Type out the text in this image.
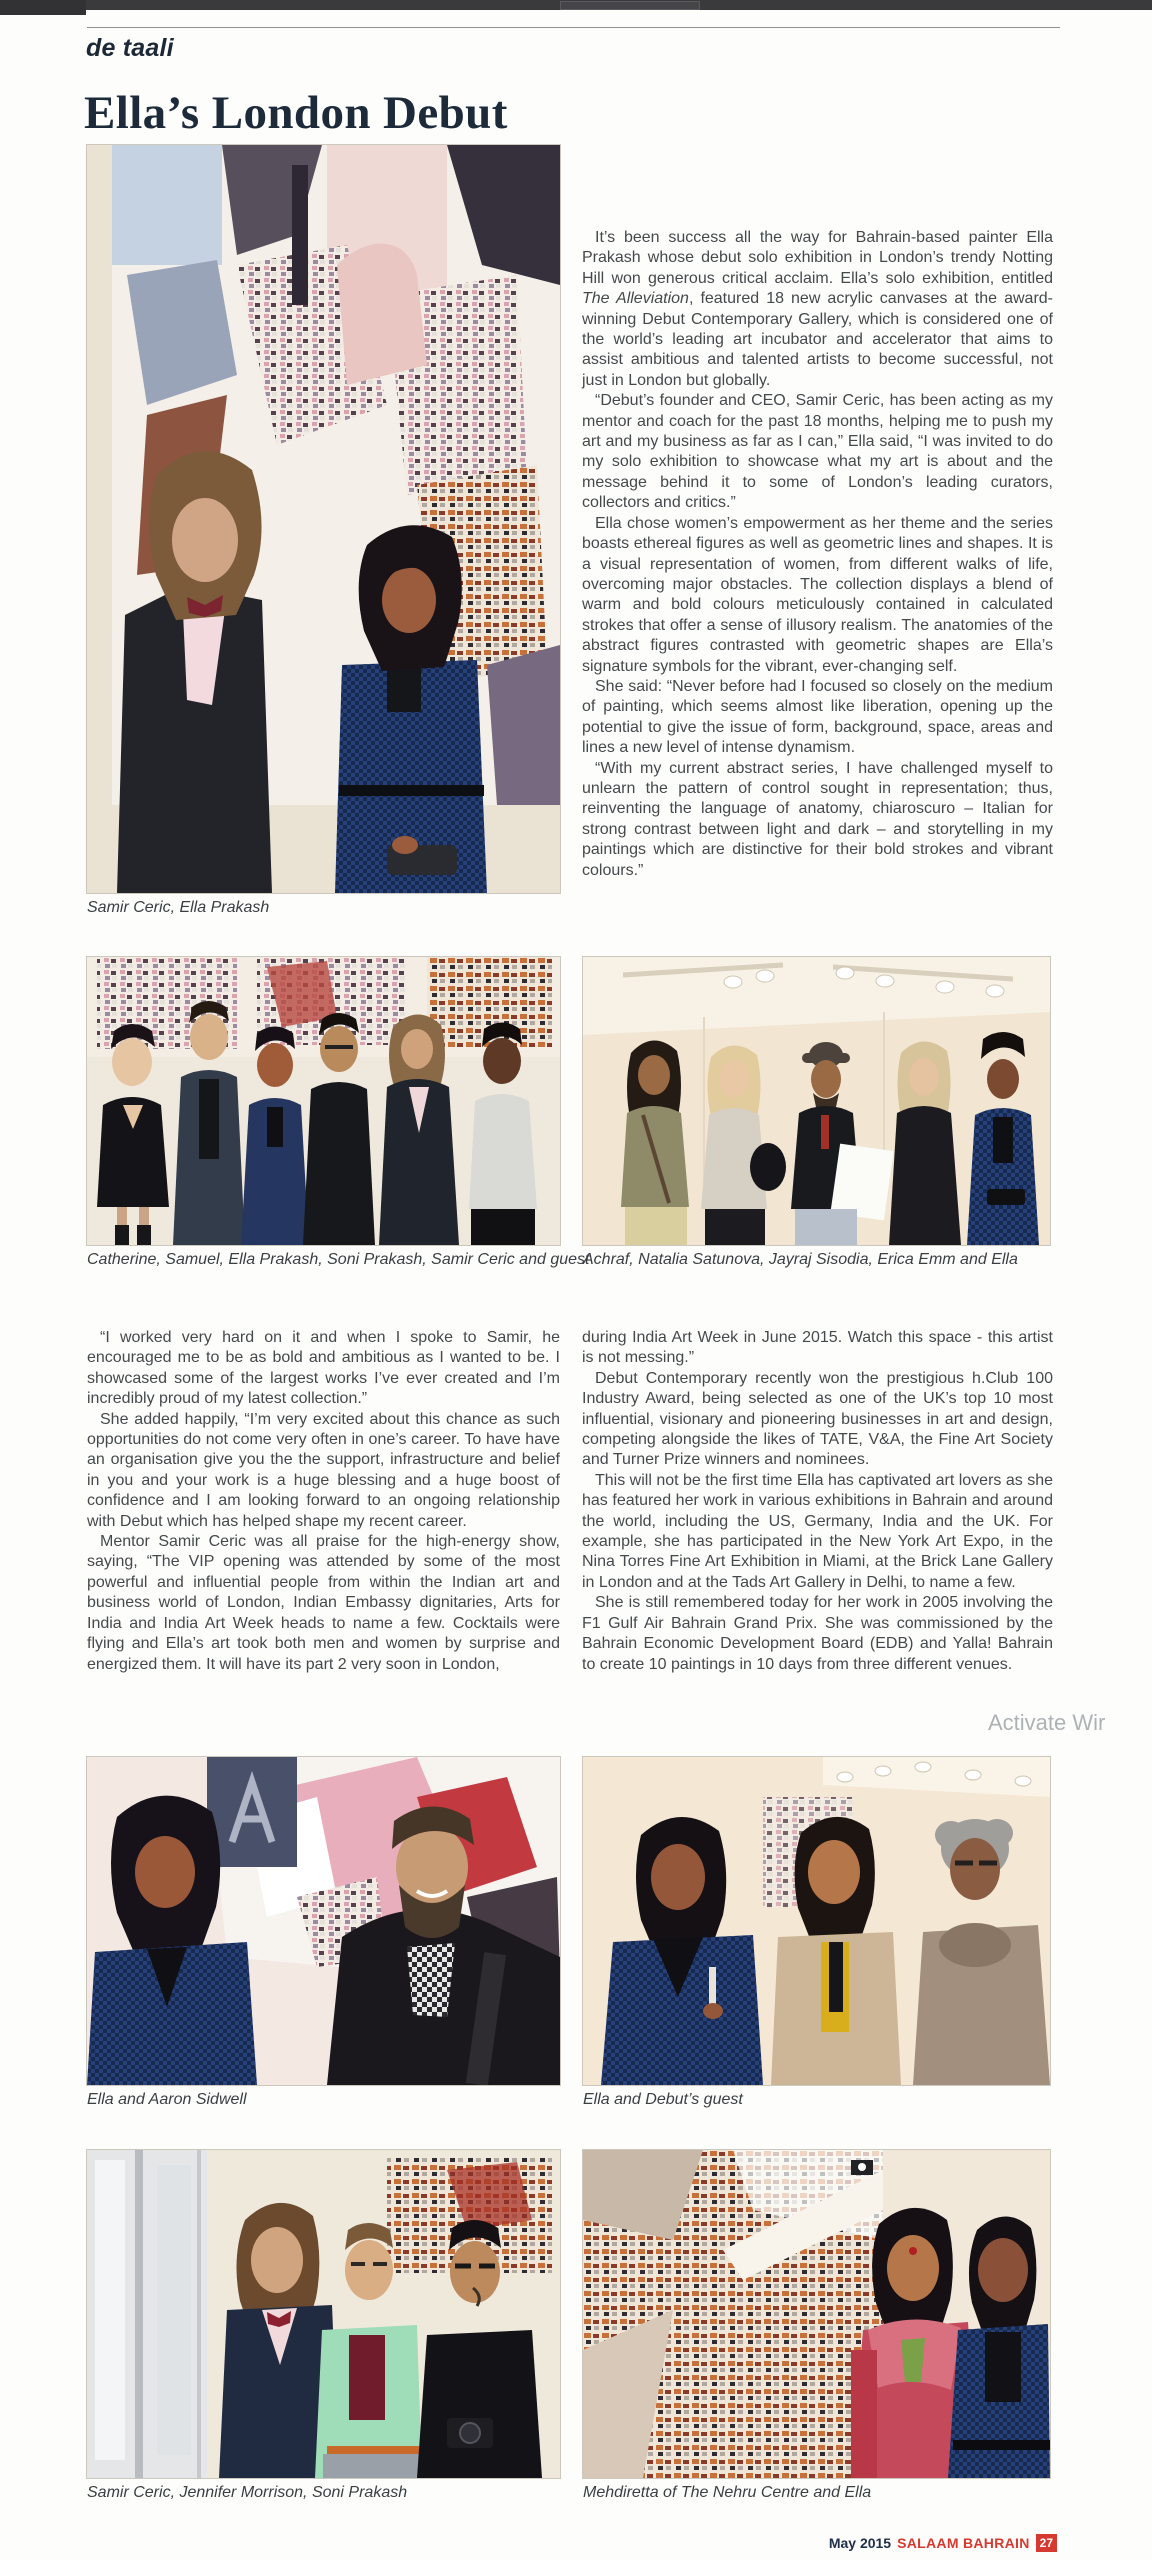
de taali
Ella’s London Debut
Samir Ceric, Ella Prakash

It’s been success all the way for Bahrain-based painter Ella Prakash whose debut solo exhibition in London’s trendy Notting Hill won generous critical acclaim. Ella’s solo exhibition, entitled The Alleviation, featured 18 new acrylic canvases at the award-winning Debut Contemporary Gallery, which is considered one of the world’s leading art incubator and accelerator that aims to assist ambitious and talented artists to become successful, not just in London but globally.

“Debut’s founder and CEO, Samir Ceric, has been acting as my mentor and coach for the past 18 months, helping me to push my art and my business as far as I can,” Ella said, “I was invited to do my solo exhibition to showcase what my art is about and the message behind it to some of London’s leading curators, collectors and critics.”

Ella chose women’s empowerment as her theme and the series boasts ethereal figures as well as geometric lines and shapes. It is a visual representation of women, from different walks of life, overcoming major obstacles. The collection displays a blend of warm and bold colours meticulously contained in calculated strokes that offer a sense of illusory realism. The anatomies of the abstract figures contrasted with geometric shapes are Ella’s signature symbols for the vibrant, ever-changing self.

She said: “Never before had I focused so closely on the medium of painting, which seems almost like liberation, opening up the potential to give the issue of form, background, space, areas and lines a new level of intense dynamism.

“With my current abstract series, I have challenged myself to unlearn the pattern of control sought in representation; thus, reinventing the language of anatomy, chiaroscuro – Italian for strong contrast between light and dark – and storytelling in my paintings which are distinctive for their bold strokes and vibrant colours.”

Catherine, Samuel, Ella Prakash, Soni Prakash, Samir Ceric and guest
Achraf, Natalia Satunova, Jayraj Sisodia, Erica Emm and Ella

“I worked very hard on it and when I spoke to Samir, he encouraged me to be as bold and ambitious as I wanted to be. I showcased some of the largest works I’ve ever created and I’m incredibly proud of my latest collection.”

She added happily, “I’m very excited about this chance as such opportunities do not come very often in one’s career. To have have an organisation give you the the support, infrastructure and belief in you and your work is a huge blessing and a huge boost of confidence and I am looking forward to an ongoing relationship with Debut which has helped shape my recent career.

Mentor Samir Ceric was all praise for the high-energy show, saying, “The VIP opening was attended by some of the most powerful and influential people from within the Indian art and business world of London, Indian Embassy dignitaries, Arts for India and India Art Week heads to name a few. Cocktails were flying and Ella’s art took both men and women by surprise and energized them. It will have its part 2 very soon in London,

during India Art Week in June 2015. Watch this space - this artist is not messing.”

Debut Contemporary recently won the prestigious h.Club 100 Industry Award, being selected as one of the UK’s top 10 most influential, visionary and pioneering businesses in art and design, competing alongside the likes of TATE, V&A, the Fine Art Society and Turner Prize winners and nominees.

This will not be the first time Ella has captivated art lovers as she has featured her work in various exhibitions in Bahrain and around the world, including the US, Germany, India and the UK. For example, she has participated in the New York Art Expo, in the Nina Torres Fine Art Exhibition in Miami, at the Brick Lane Gallery in London and at the Tads Art Gallery in Delhi, to name a few.

She is still remembered today for her work in 2005 involving the F1 Gulf Air Bahrain Grand Prix. She was commissioned by the Bahrain Economic Development Board (EDB) and Yalla! Bahrain to create 10 paintings in 10 days from three different venues.

Activate Wir
Ella and Aaron Sidwell	Ella and Debut’s guest
Samir Ceric, Jennifer Morrison, Soni Prakash	Mehdiretta of The Nehru Centre and Ella
May 2015 SALAAM BAHRAIN 27
